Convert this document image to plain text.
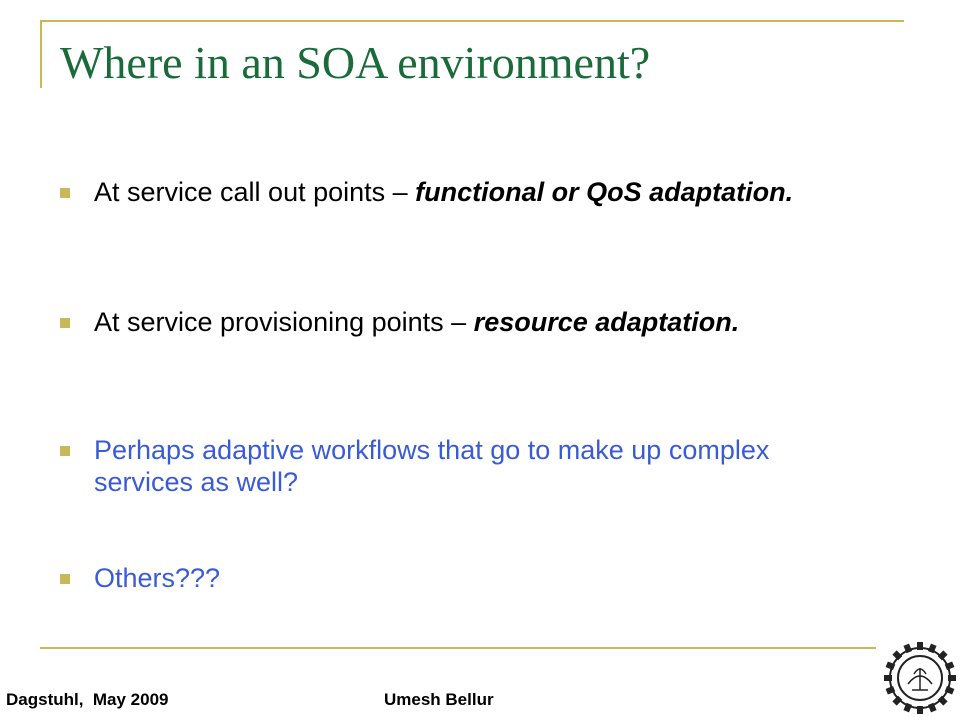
Where in an SOA environment?
At service call out points – functional or QoS adaptation.
At service provisioning points – resource adaptation.
Perhaps adaptive workflows that go to make up complex services as well?
Others???
Dagstuhl,  May 2009	Umesh Bellur
